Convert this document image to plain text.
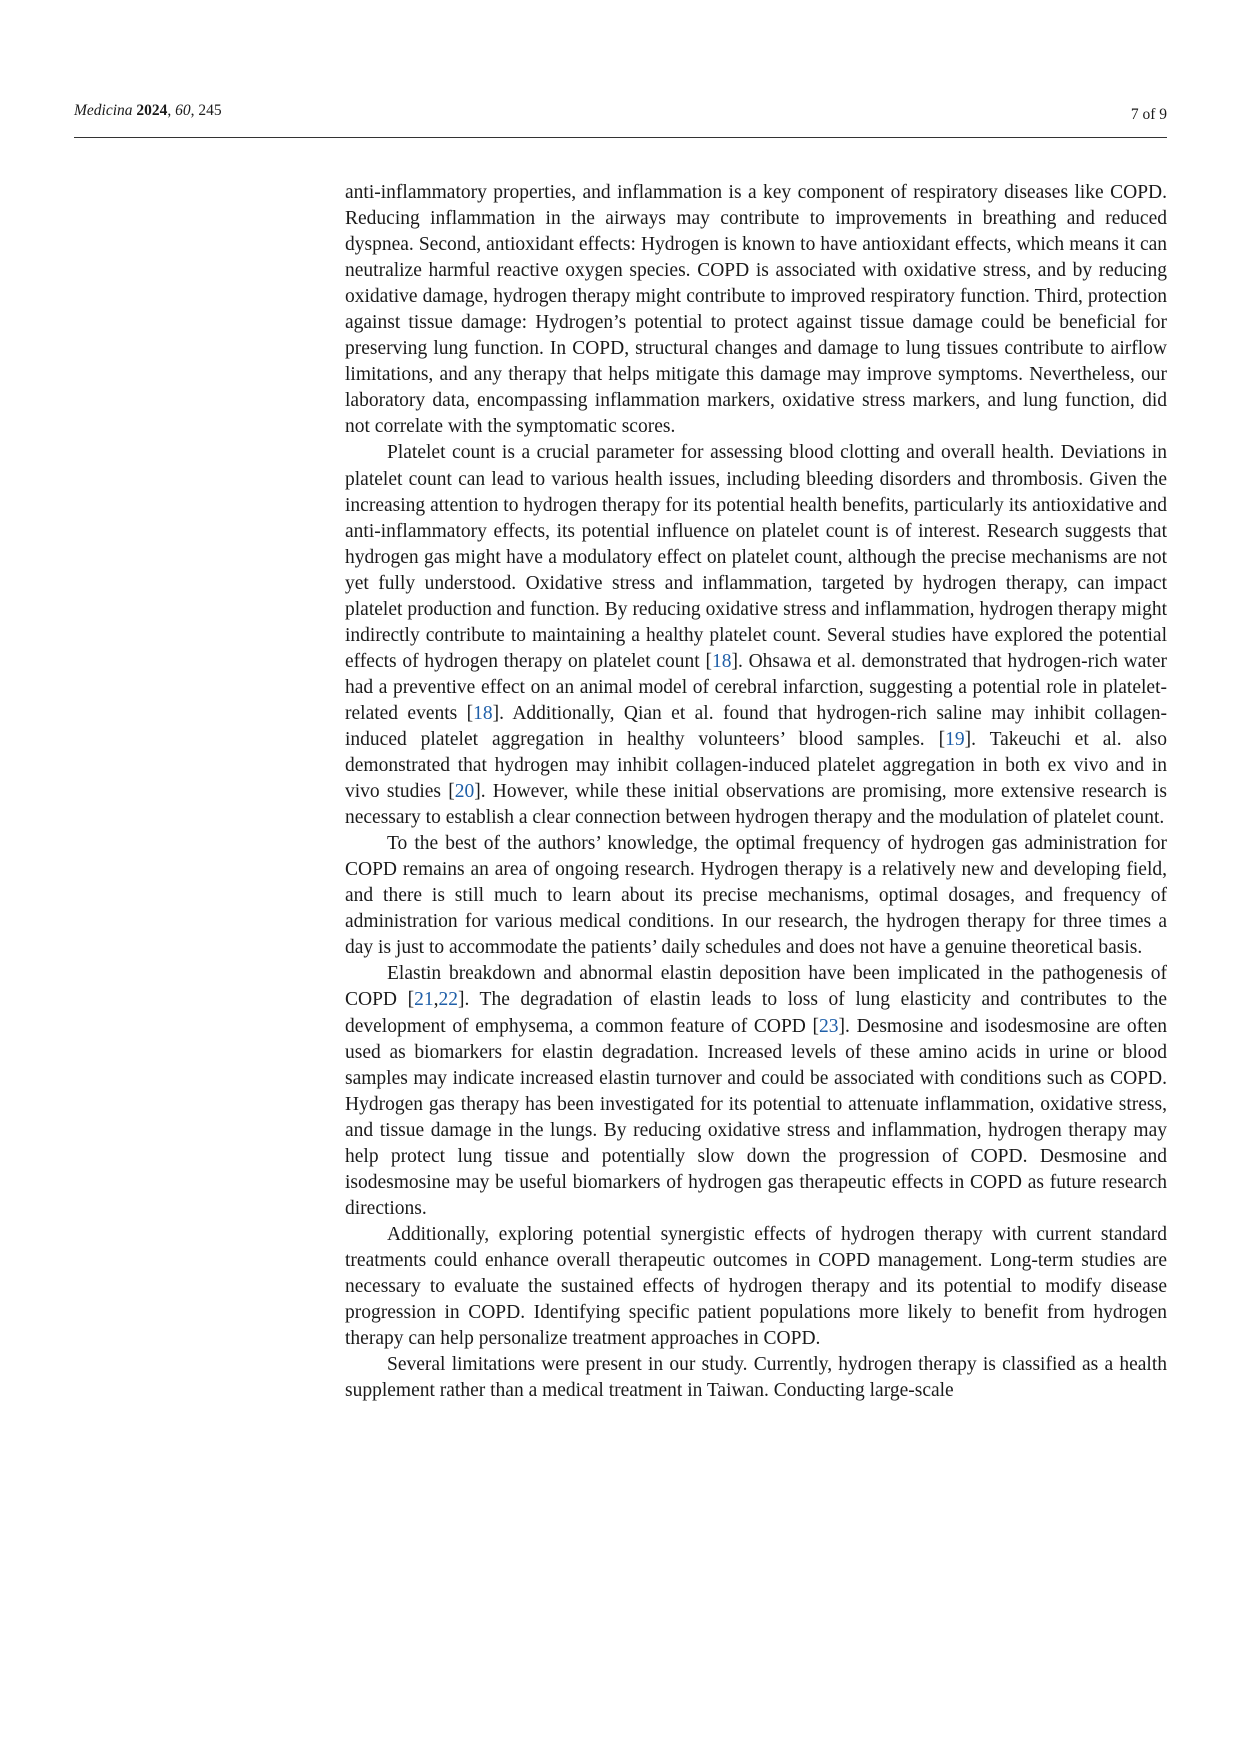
Medicina 2024, 60, 245	7 of 9

anti-inflammatory properties, and inflammation is a key component of respiratory diseases like COPD. Reducing inflammation in the airways may contribute to improvements in breathing and reduced dyspnea. Second, antioxidant effects: Hydrogen is known to have antioxidant effects, which means it can neutralize harmful reactive oxygen species. COPD is associated with oxidative stress, and by reducing oxidative damage, hydrogen therapy might contribute to improved respiratory function. Third, protection against tissue damage: Hydrogen’s potential to protect against tissue damage could be beneficial for preserving lung function. In COPD, structural changes and damage to lung tissues contribute to airflow limitations, and any therapy that helps mitigate this damage may improve symptoms. Nevertheless, our laboratory data, encompassing inflammation markers, oxidative stress markers, and lung function, did not correlate with the symptomatic scores.

Platelet count is a crucial parameter for assessing blood clotting and overall health. Deviations in platelet count can lead to various health issues, including bleeding disorders and thrombosis. Given the increasing attention to hydrogen therapy for its potential health benefits, particularly its antioxidative and anti-inflammatory effects, its potential influence on platelet count is of interest. Research suggests that hydrogen gas might have a modulatory effect on platelet count, although the precise mechanisms are not yet fully understood. Oxidative stress and inflammation, targeted by hydrogen therapy, can impact platelet production and function. By reducing oxidative stress and inflammation, hydrogen therapy might indirectly contribute to maintaining a healthy platelet count. Several studies have explored the potential effects of hydrogen therapy on platelet count [18]. Ohsawa et al. demonstrated that hydrogen-rich water had a preventive effect on an animal model of cerebral infarction, suggesting a potential role in platelet-related events [18]. Additionally, Qian et al. found that hydrogen-rich saline may inhibit collagen-induced platelet aggregation in healthy volunteers’ blood samples. [19]. Takeuchi et al. also demonstrated that hydrogen may inhibit collagen-induced platelet aggregation in both ex vivo and in vivo studies [20]. However, while these initial observations are promising, more extensive research is necessary to establish a clear connection between hydrogen therapy and the modulation of platelet count.

To the best of the authors’ knowledge, the optimal frequency of hydrogen gas administration for COPD remains an area of ongoing research. Hydrogen therapy is a relatively new and developing field, and there is still much to learn about its precise mechanisms, optimal dosages, and frequency of administration for various medical conditions. In our research, the hydrogen therapy for three times a day is just to accommodate the patients’ daily schedules and does not have a genuine theoretical basis.

Elastin breakdown and abnormal elastin deposition have been implicated in the pathogenesis of COPD [21,22]. The degradation of elastin leads to loss of lung elasticity and contributes to the development of emphysema, a common feature of COPD [23]. Desmosine and isodesmosine are often used as biomarkers for elastin degradation. Increased levels of these amino acids in urine or blood samples may indicate increased elastin turnover and could be associated with conditions such as COPD. Hydrogen gas therapy has been investigated for its potential to attenuate inflammation, oxidative stress, and tissue damage in the lungs. By reducing oxidative stress and inflammation, hydrogen therapy may help protect lung tissue and potentially slow down the progression of COPD. Desmosine and isodesmosine may be useful biomarkers of hydrogen gas therapeutic effects in COPD as future research directions.

Additionally, exploring potential synergistic effects of hydrogen therapy with current standard treatments could enhance overall therapeutic outcomes in COPD management. Long-term studies are necessary to evaluate the sustained effects of hydrogen therapy and its potential to modify disease progression in COPD. Identifying specific patient populations more likely to benefit from hydrogen therapy can help personalize treatment approaches in COPD.

Several limitations were present in our study. Currently, hydrogen therapy is classified as a health supplement rather than a medical treatment in Taiwan. Conducting large-scale
